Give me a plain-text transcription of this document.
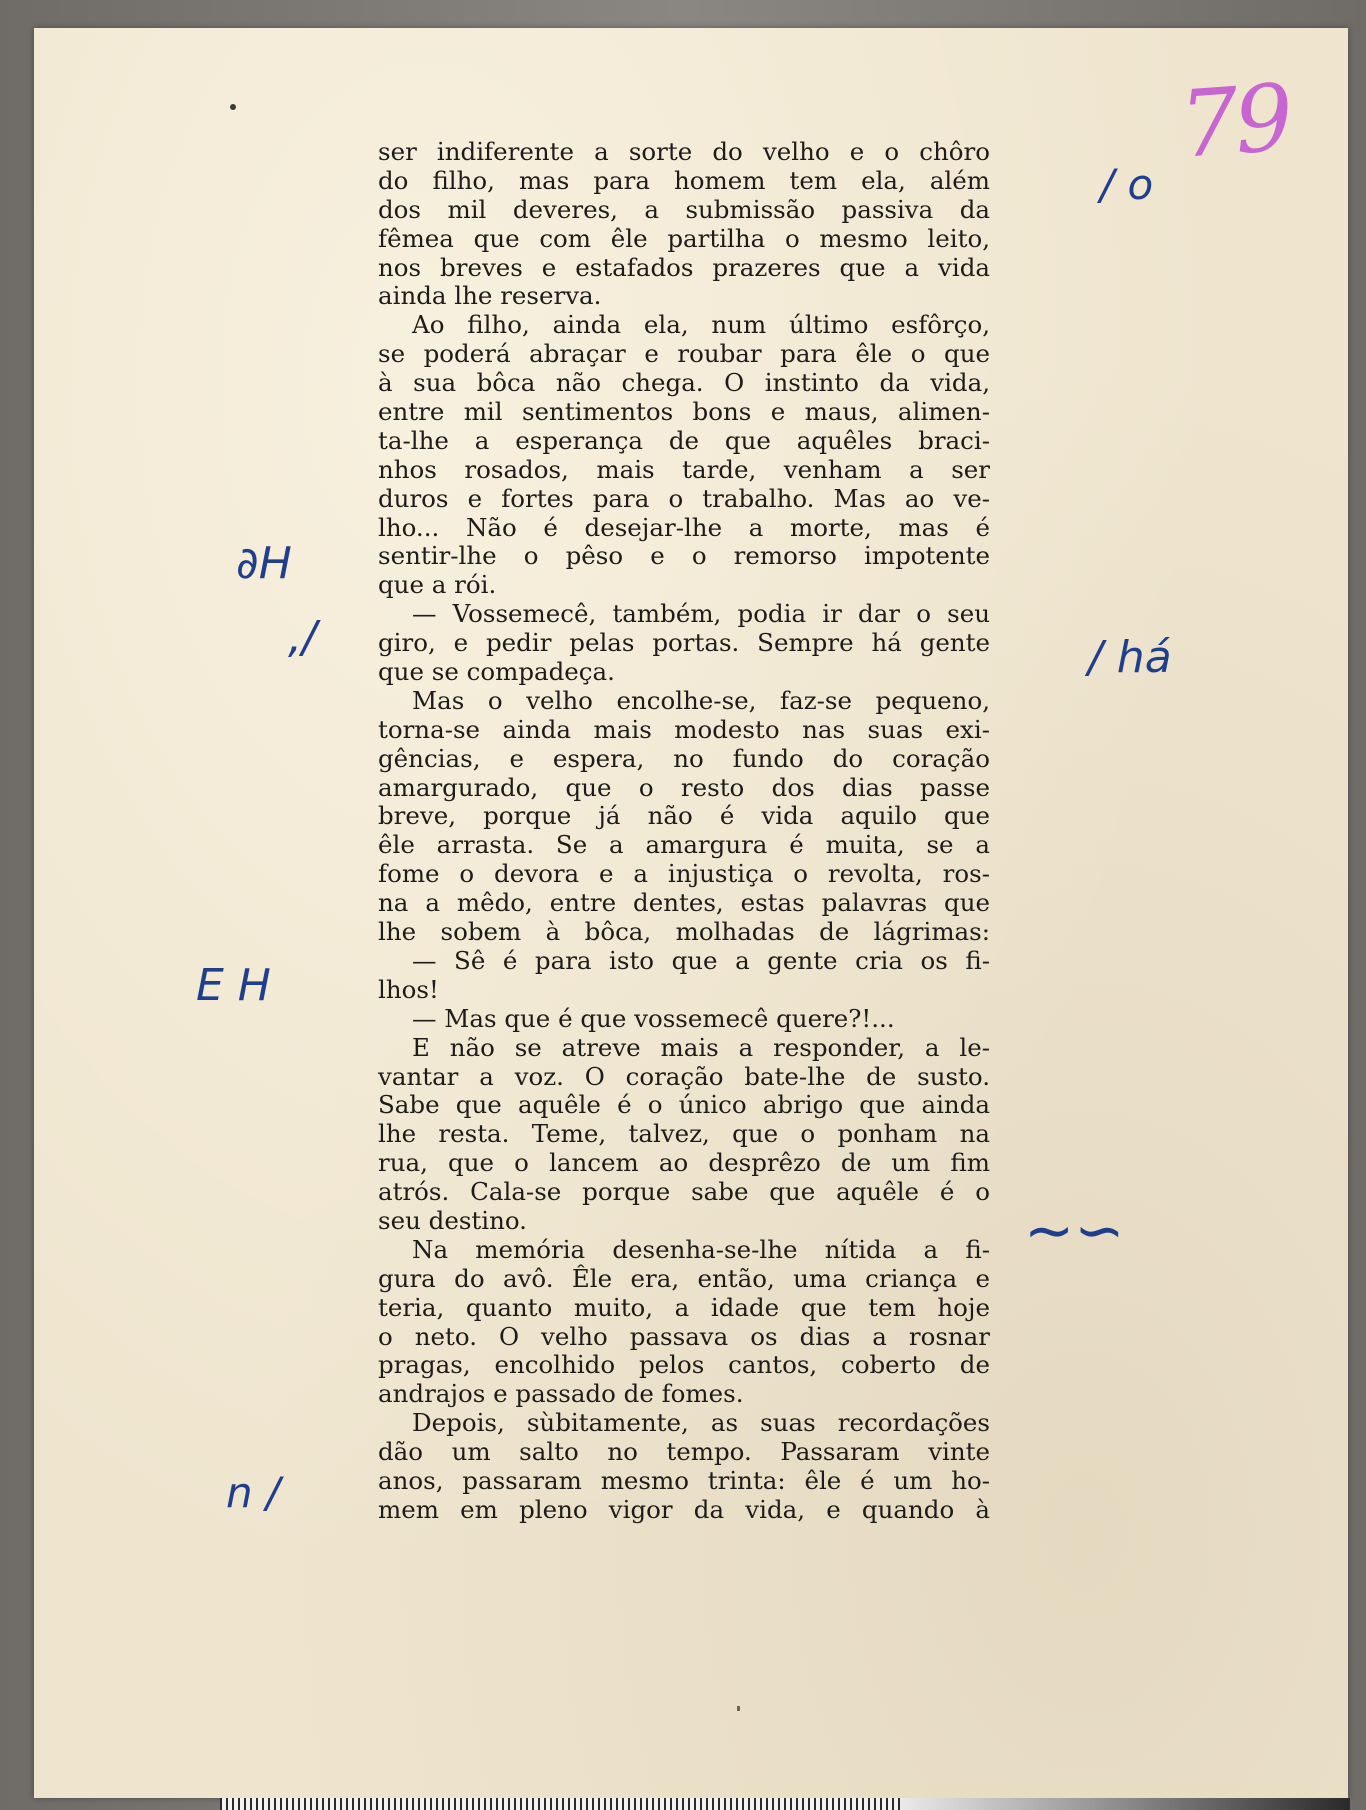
79
ser indiferente a sorte do velho e o chôro
do filho, mas para homem tem ela, além
dos mil deveres, a submissão passiva da
fêmea que com êle partilha o mesmo leito,
nos breves e estafados prazeres que a vida
ainda lhe reserva.
Ao filho, ainda ela, num último esfôrço,
se poderá abraçar e roubar para êle o que
à sua bôca não chega. O instinto da vida,
entre mil sentimentos bons e maus, alimen-
ta-lhe a esperança de que aquêles braci-
nhos rosados, mais tarde, venham a ser
duros e fortes para o trabalho. Mas ao ve-
lho... Não é desejar-lhe a morte, mas é
sentir-lhe o pêso e o remorso impotente
que a rói.
— Vossemecê, também, podia ir dar o seu
giro, e pedir pelas portas. Sempre há gente
que se compadeça.
Mas o velho encolhe-se, faz-se pequeno,
torna-se ainda mais modesto nas suas exi-
gências, e espera, no fundo do coração
amargurado, que o resto dos dias passe
breve, porque já não é vida aquilo que
êle arrasta. Se a amargura é muita, se a
fome o devora e a injustiça o revolta, ros-
na a mêdo, entre dentes, estas palavras que
lhe sobem à bôca, molhadas de lágrimas:
— Sê é para isto que a gente cria os fi-
lhos!
— Mas que é que vossemecê quere?!...
E não se atreve mais a responder, a le-
vantar a voz. O coração bate-lhe de susto.
Sabe que aquêle é o único abrigo que ainda
lhe resta. Teme, talvez, que o ponham na
rua, que o lancem ao desprêzo de um fim
atrós. Cala-se porque sabe que aquêle é o
seu destino.
Na memória desenha-se-lhe nítida a fi-
gura do avô. Êle era, então, uma criança e
teria, quanto muito, a idade que tem hoje
o neto. O velho passava os dias a rosnar
pragas, encolhido pelos cantos, coberto de
andrajos e passado de fomes.
Depois, sùbitamente, as suas recordações
dão um salto no tempo. Passaram vinte
anos, passaram mesmo trinta: êle é um ho-
mem em pleno vigor da vida, e quando à
/ o
∂H
,/	/ há
E H
∼∽
n /
